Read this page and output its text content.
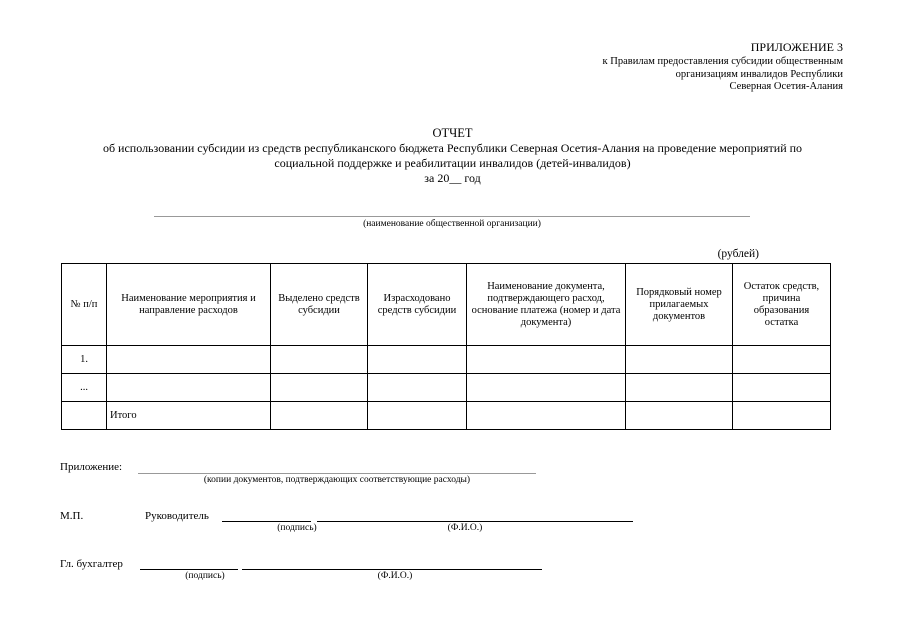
ПРИЛОЖЕНИЕ 3
к Правилам предоставления субсидии общественным
организациям инвалидов Республики
Северная Осетия-Алания
ОТЧЕТ
об использовании субсидии из средств республиканского бюджета Республики Северная Осетия-Алания на проведение мероприятий по
социальной поддержке и реабилитации инвалидов (детей-инвалидов)
за 20__ год
(наименование общественной организации)
(рублей)
№ п/п	Наименование мероприятия и направление расходов	Выделено средств субсидии	Израсходовано средств субсидии	Наименование документа, подтверждающего расход, основание платежа (номер и дата документа)	Порядковый номер прилагаемых документов	Остаток средств, причина образования остатка
1.						
...						
	Итого					
Приложение:
(копии документов, подтверждающих соответствующие расходы)
М.П.	Руководитель
(подпись)	(Ф.И.О.)
Гл. бухгалтер
(подпись)	(Ф.И.О.)
